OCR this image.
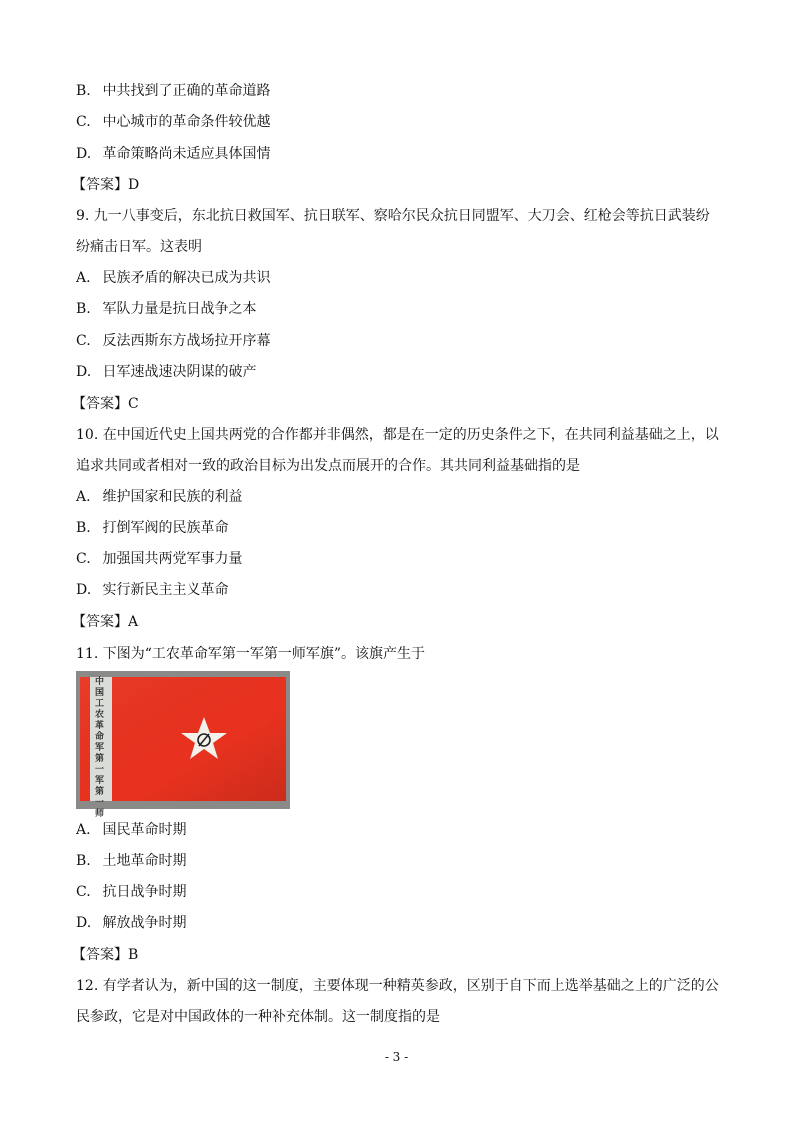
B. 中共找到了正确的革命道路
C. 中心城市的革命条件较优越
D. 革命策略尚未适应具体国情
【答案】D
9. 九一八事变后，东北抗日救国军、抗日联军、察哈尔民众抗日同盟军、大刀会、红枪会等抗日武装纷纷痛击日军。这表明
A. 民族矛盾的解决已成为共识
B. 军队力量是抗日战争之本
C. 反法西斯东方战场拉开序幕
D. 日军速战速决阴谋的破产
【答案】C
10. 在中国近代史上国共两党的合作都并非偶然，都是在一定的历史条件之下，在共同利益基础之上，以追求共同或者相对一致的政治目标为出发点而展开的合作。其共同利益基础指的是
A. 维护国家和民族的利益
B. 打倒军阀的民族革命
C. 加强国共两党军事力量
D. 实行新民主主义革命
【答案】A
11. 下图为“工农革命军第一军第一师军旗”。该旗产生于
中国工农革命军第一军第一师
A. 国民革命时期
B. 土地革命时期
C. 抗日战争时期
D. 解放战争时期
【答案】B
12. 有学者认为，新中国的这一制度，主要体现一种精英参政，区别于自下而上选举基础之上的广泛的公民参政，它是对中国政体的一种补充体制。这一制度指的是
- 3 -
